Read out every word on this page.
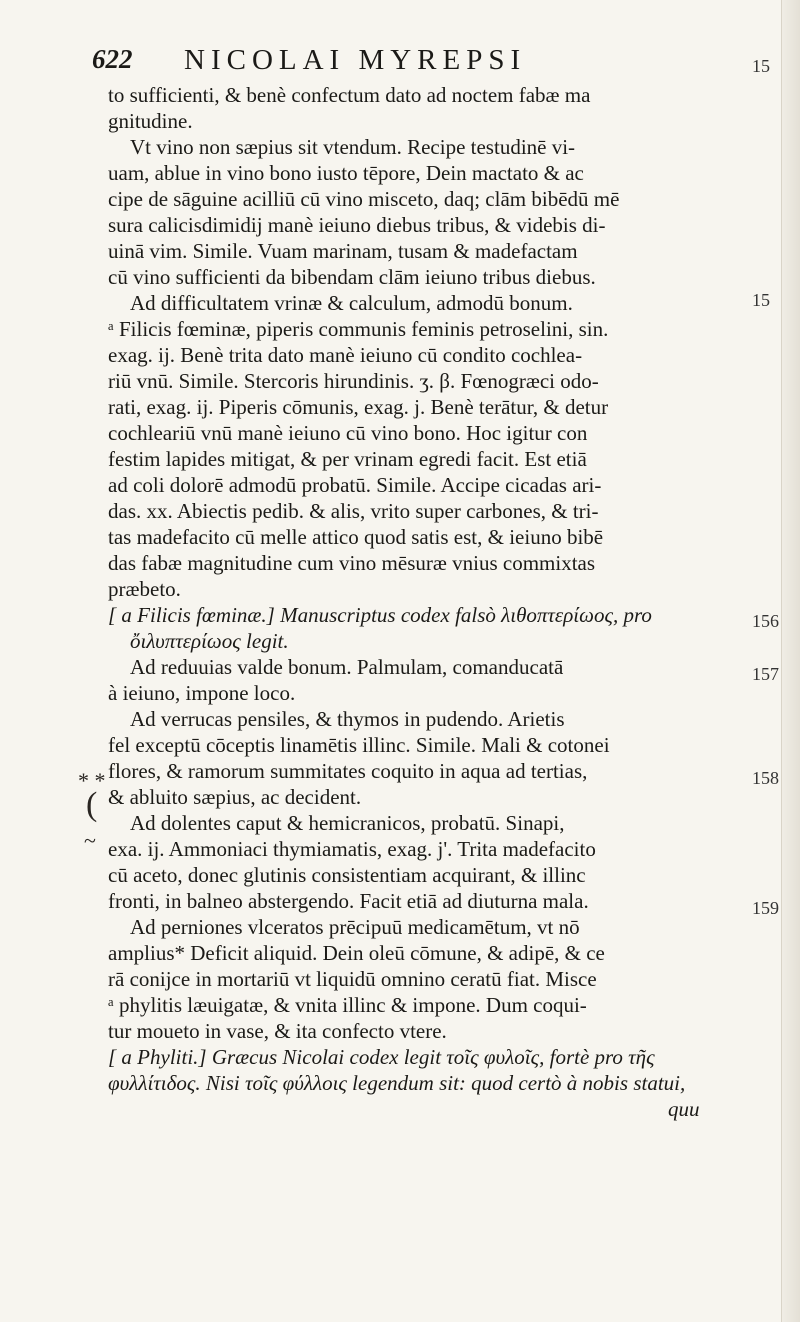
622 NICOLAI MYREPSI
to sufficienti, & benè confectum dato ad noctem fabæ ma
gnitudine.
Vt vino non sæpius sit vtendum. Recipe testudinē vi-
uam, ablue in vino bono iusto tēpore, Dein mactato & ac
cipe de sāguine acilliū cū vino misceto, daq; clām bibēdū mē
sura calicisdimidij manè ieiuno diebus tribus, & videbis di-
uinā vim. Simile. Vuam marinam, tusam & madefactam
cū vino sufficienti da bibendam clām ieiuno tribus diebus.
Ad difficultatem vrinæ & calculum, admodū bonum.
ᵃ Filicis fœminæ, piperis communis feminis petroselini, sin.
exag. ij. Benè trita dato manè ieiuno cū condito cochlea-
riū vnū. Simile. Stercoris hirundinis. ʒ. β. Fœnogræci odo-
rati, exag. ij. Piperis cōmunis, exag. j. Benè terātur, & detur
cochleariū vnū manè ieiuno cū vino bono. Hoc igitur con
festim lapides mitigat, & per vrinam egredi facit. Est etiā
ad coli dolorē admodū probatū. Simile. Accipe cicadas ari-
das. xx. Abiectis pedib. & alis, vrito super carbones, & tri-
tas madefacito cū melle attico quod satis est, & ieiuno bibē
das fabæ magnitudine cum vino mēsuræ vnius commixtas
præbeto.
[ a Filicis fœminæ.] Manuscriptus codex falsò λιθοπτερίωος, pro
ὄιλυπτερίωος legit.
Ad reduuias valde bonum. Palmulam, comanducatā
à ieiuno, impone loco.
Ad verrucas pensiles, & thymos in pudendo. Arietis
fel exceptū cōceptis linamētis illinc. Simile. Mali & cotonei
flores, & ramorum summitates coquito in aqua ad tertias,
& abluito sæpius, ac decident.
Ad dolentes caput & hemicranicos, probatū. Sinapi,
exa. ij. Ammoniaci thymiamatis, exag. j'. Trita madefacito
cū aceto, donec glutinis consistentiam acquirant, & illinc
fronti, in balneo abstergendo. Facit etiā ad diuturna mala.
Ad perniones vlceratos prēcipuū medicamētum, vt nō
amplius* Deficit aliquid. Dein oleū cōmune, & adipē, & ce
rā conijce in mortariū vt liquidū omnino ceratū fiat. Misce
ᵃ phylitis læuigatæ, & vnita illinc & impone. Dum coqui-
tur moueto in vase, & ita confecto vtere.
[ a Phyliti.] Græcus Nicolai codex legit τοῖς φυλοῖς, fortè pro τῆς
φυλλίτιδος. Nisi τοῖς φύλλοις legendum sit: quod certò à nobis statui,
quu
15
15
156
157
158
159
* *
(
~
